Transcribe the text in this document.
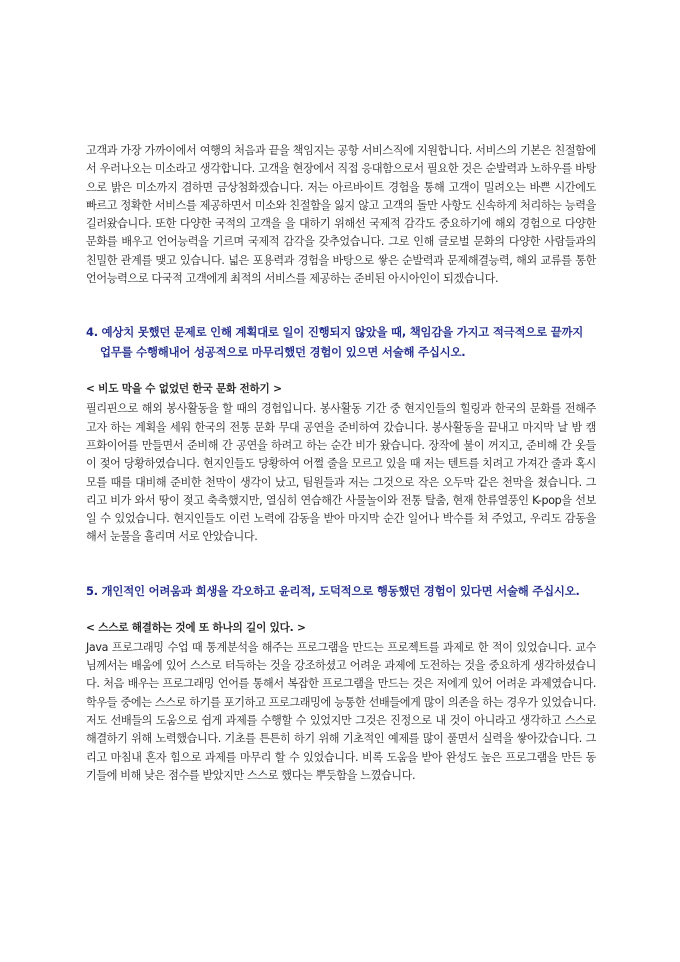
고객과 가장 가까이에서 여행의 처음과 끝을 책임지는 공항 서비스직에 지원합니다. 서비스의 기본은 친절함에서 우러나오는 미소라고 생각합니다. 고객을 현장에서 직접 응대함으로서 필요한 것은 순발력과 노하우를 바탕으로 밝은 미소까지 겸하면 금상첨화겠습니다. 저는 아르바이트 경험을 통해 고객이 밀려오는 바쁜 시간에도 빠르고 정확한 서비스를 제공하면서 미소와 친절함을 잃지 않고 고객의 돌만 사항도 신속하게 처리하는 능력을 길러왔습니다. 또한 다양한 국적의 고객을 을 대하기 위해선 국제적 감각도 중요하기에 해외 경험으로 다양한 문화를 배우고 언어능력을 기르며 국제적 감각을 갖추었습니다. 그로 인해 글로벌 문화의 다양한 사람들과의 친밀한 관계를 맺고 있습니다. 넓은 포용력과 경험을 바탕으로 쌓은 순발력과 문제해결능력, 해외 교류를 통한 언어능력으로 다국적 고객에게 최적의 서비스를 제공하는 준비된 아시아인이 되겠습니다.

4. 예상치 못했던 문제로 인해 계획대로 일이 진행되지 않았을 때, 책임감을 가지고 적극적으로 끝까지 업무를 수행해내어 성공적으로 마무리했던 경험이 있으면 서술해 주십시오.

< 비도 막을 수 없었던 한국 문화 전하기 >

필리핀으로 해외 봉사활동을 할 때의 경험입니다. 봉사활동 기간 중 현지인들의 힐링과 한국의 문화를 전해주고자 하는 계획을 세워 한국의 전통 문화 무대 공연을 준비하여 갔습니다. 봉사활동을 끝내고 마지막 날 밤 캠프화이어를 만들면서 준비해 간 공연을 하려고 하는 순간 비가 왔습니다. 장작에 불이 꺼지고, 준비해 간 옷들이 젖어 당황하였습니다. 현지인들도 당황하여 어쩔 줄을 모르고 있을 때 저는 텐트를 치려고 가져간 줄과 혹시 모를 때를 대비해 준비한 천막이 생각이 났고, 팀원들과 저는 그것으로 작은 오두막 같은 천막을 쳤습니다. 그리고 비가 와서 땅이 젖고 축축했지만, 열심히 연습해간 사물놀이와 전통 탈춤, 현재 한류열풍인 K-pop을 선보일 수 있었습니다. 현지인들도 이런 노력에 감동을 받아 마지막 순간 일어나 박수를 쳐 주었고, 우리도 감동을 해서 눈물을 흘리며 서로 안았습니다.

5. 개인적인 어려움과 희생을 각오하고 윤리적, 도덕적으로 행동했던 경험이 있다면 서술해 주십시오.

< 스스로 해결하는 것에 또 하나의 길이 있다. >

Java 프로그래밍 수업 때 통계분석을 해주는 프로그램을 만드는 프로젝트를 과제로 한 적이 있었습니다. 교수님께서는 배움에 있어 스스로 터득하는 것을 강조하셨고 어려운 과제에 도전하는 것을 중요하게 생각하셨습니다. 처음 배우는 프로그래밍 언어를 통해서 복잡한 프로그램을 만드는 것은 저에게 있어 어려운 과제였습니다. 학우들 중에는 스스로 하기를 포기하고 프로그래밍에 능통한 선배들에게 많이 의존을 하는 경우가 있었습니다. 저도 선배들의 도움으로 쉽게 과제를 수행할 수 있었지만 그것은 진정으로 내 것이 아니라고 생각하고 스스로 해결하기 위해 노력했습니다. 기초를 튼튼히 하기 위해 기초적인 예제를 많이 풀면서 실력을 쌓아갔습니다. 그리고 마침내 혼자 힘으로 과제를 마무리 할 수 있었습니다. 비록 도움을 받아 완성도 높은 프로그램을 만든 동기들에 비해 낮은 점수를 받았지만 스스로 했다는 뿌듯함을 느꼈습니다.
